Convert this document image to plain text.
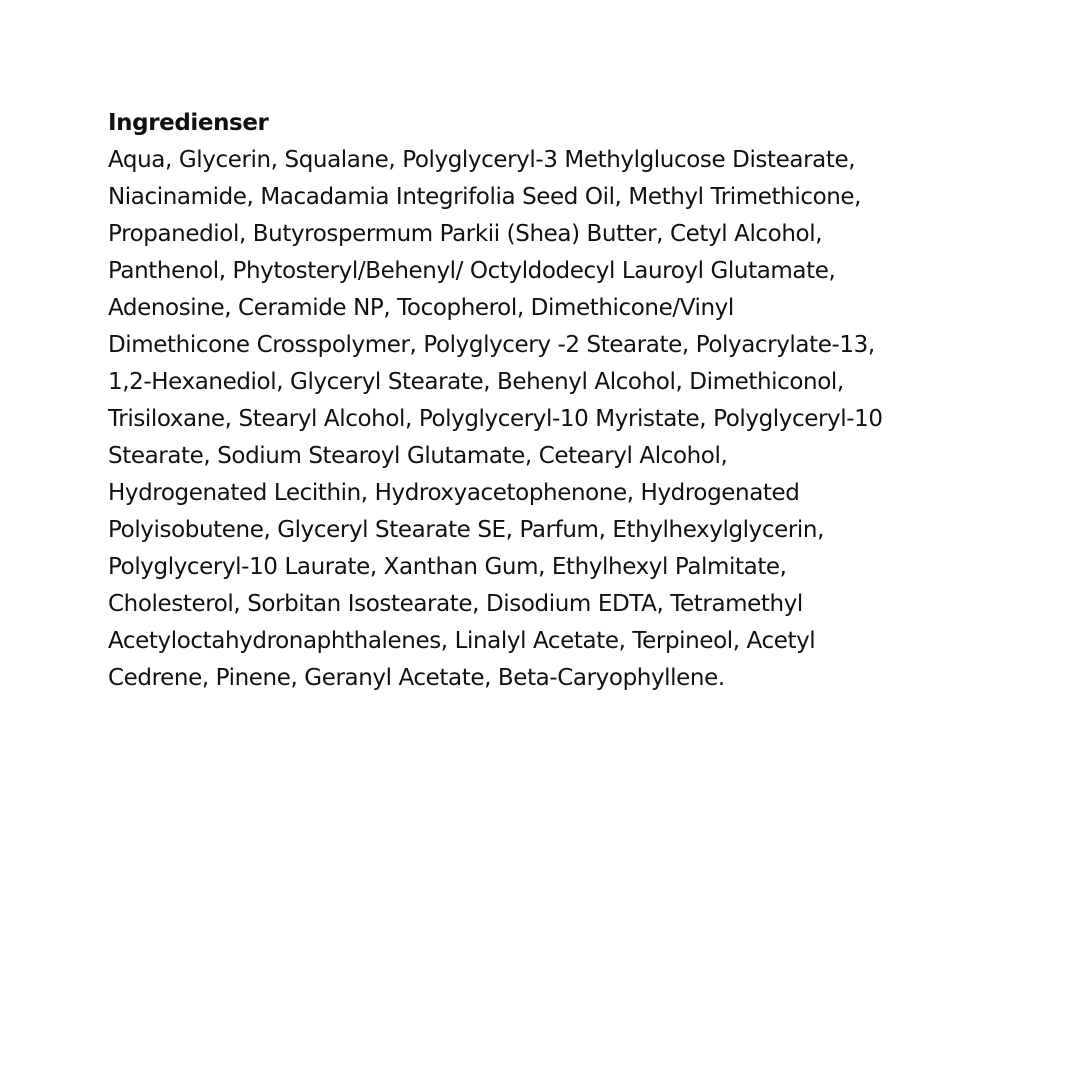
Ingredienser

Aqua, Glycerin, Squalane, Polyglyceryl-3 Methylglucose Distearate,
Niacinamide, Macadamia Integrifolia Seed Oil, Methyl Trimethicone,
Propanediol, Butyrospermum Parkii (Shea) Butter, Cetyl Alcohol,
Panthenol, Phytosteryl/Behenyl/ Octyldodecyl Lauroyl Glutamate,
Adenosine, Ceramide NP, Tocopherol, Dimethicone/Vinyl
Dimethicone Crosspolymer, Polyglycery -2 Stearate, Polyacrylate-13,
1,2-Hexanediol, Glyceryl Stearate, Behenyl Alcohol, Dimethiconol,
Trisiloxane, Stearyl Alcohol, Polyglyceryl-10 Myristate, Polyglyceryl-10
Stearate, Sodium Stearoyl Glutamate, Cetearyl Alcohol,
Hydrogenated Lecithin, Hydroxyacetophenone, Hydrogenated
Polyisobutene, Glyceryl Stearate SE, Parfum, Ethylhexylglycerin,
Polyglyceryl-10 Laurate, Xanthan Gum, Ethylhexyl Palmitate,
Cholesterol, Sorbitan Isostearate, Disodium EDTA, Tetramethyl
Acetyloctahydronaphthalenes, Linalyl Acetate, Terpineol, Acetyl
Cedrene, Pinene, Geranyl Acetate, Beta-Caryophyllene.
